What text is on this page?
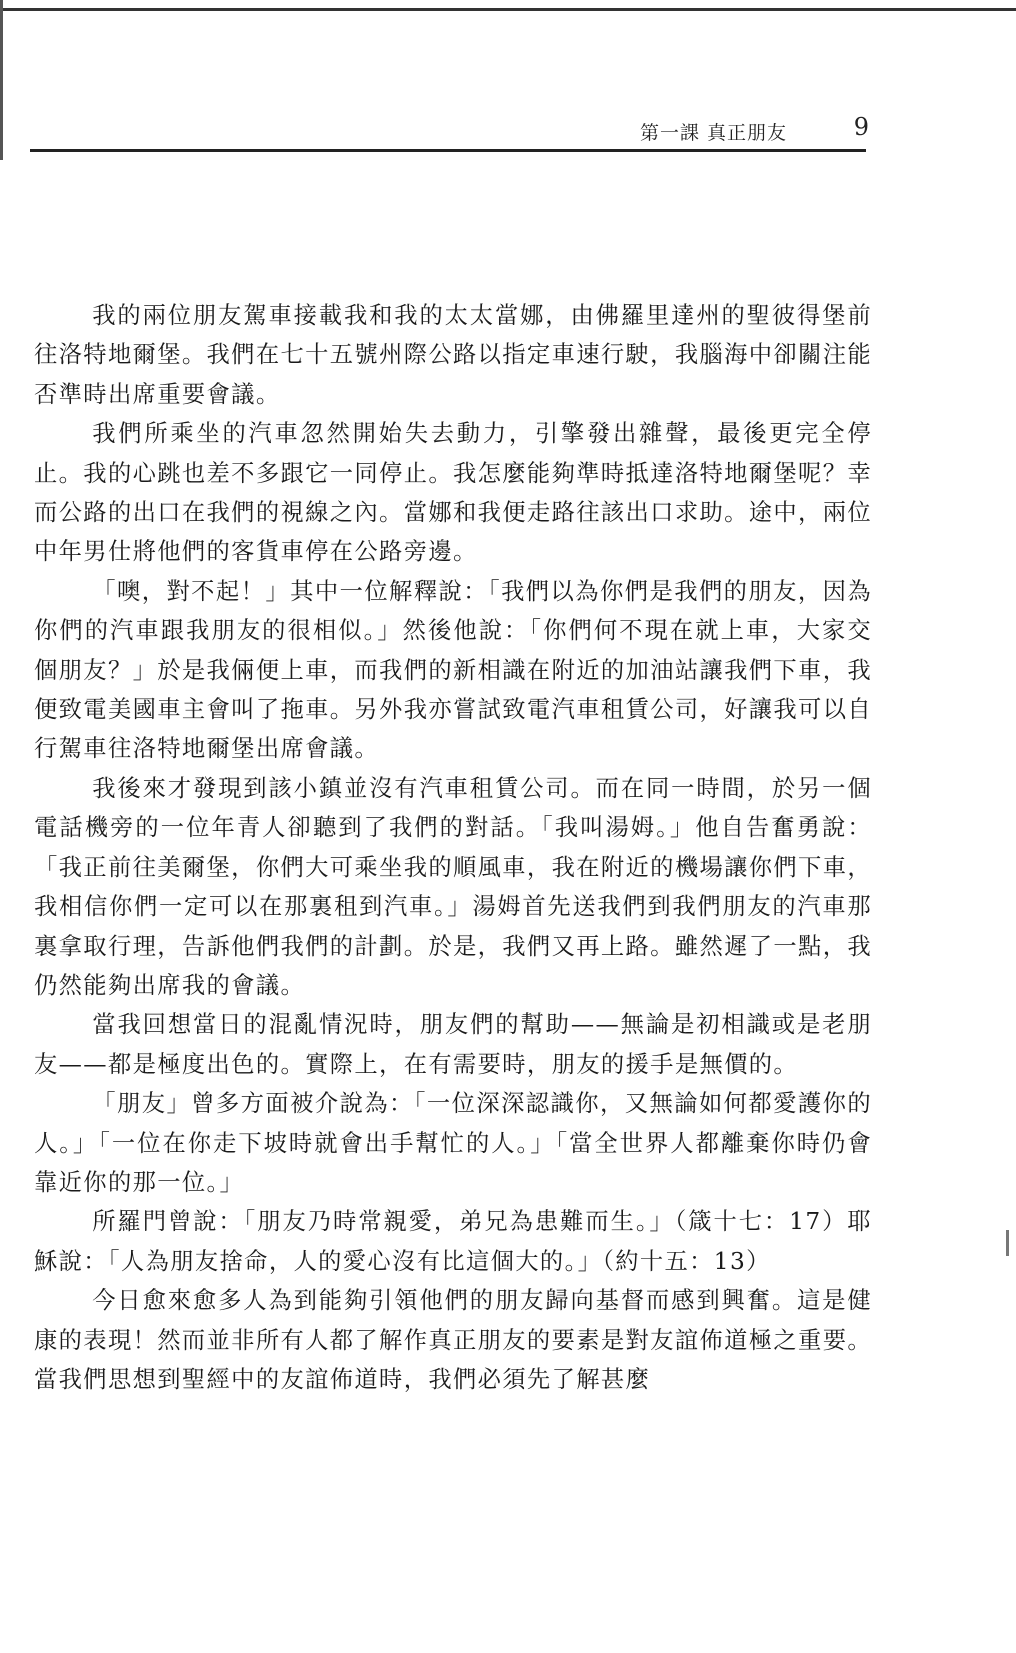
第一課 真正朋友	9

我的兩位朋友駕車接載我和我的太太當娜，由佛羅里達州的聖彼得堡前往洛特地爾堡。我們在七十五號州際公路以指定車速行駛，我腦海中卻關注能否準時出席重要會議。

我們所乘坐的汽車忽然開始失去動力，引擎發出雜聲，最後更完全停止。我的心跳也差不多跟它一同停止。我怎麼能夠準時抵達洛特地爾堡呢？幸而公路的出口在我們的視線之內。當娜和我便走路往該出口求助。途中，兩位中年男仕將他們的客貨車停在公路旁邊。

「噢，對不起！」其中一位解釋說：「我們以為你們是我們的朋友，因為你們的汽車跟我朋友的很相似。」然後他說：「你們何不現在就上車，大家交個朋友？」於是我倆便上車，而我們的新相識在附近的加油站讓我們下車，我便致電美國車主會叫了拖車。另外我亦嘗試致電汽車租賃公司，好讓我可以自行駕車往洛特地爾堡出席會議。

我後來才發現到該小鎮並沒有汽車租賃公司。而在同一時間，於另一個電話機旁的一位年青人卻聽到了我們的對話。「我叫湯姆。」他自告奮勇說：「我正前往美爾堡，你們大可乘坐我的順風車，我在附近的機場讓你們下車，我相信你們一定可以在那裏租到汽車。」湯姆首先送我們到我們朋友的汽車那裏拿取行理，告訴他們我們的計劃。於是，我們又再上路。雖然遲了一點，我仍然能夠出席我的會議。

當我回想當日的混亂情況時，朋友們的幫助——無論是初相識或是老朋友——都是極度出色的。實際上，在有需要時，朋友的援手是無價的。

「朋友」曾多方面被介說為：「一位深深認識你，又無論如何都愛護你的人。」「一位在你走下坡時就會出手幫忙的人。」「當全世界人都離棄你時仍會靠近你的那一位。」

所羅門曾說：「朋友乃時常親愛，弟兄為患難而生。」（箴十七：17）耶穌說：「人為朋友捨命，人的愛心沒有比這個大的。」（約十五：13）

今日愈來愈多人為到能夠引領他們的朋友歸向基督而感到興奮。這是健康的表現！然而並非所有人都了解作真正朋友的要素是對友誼佈道極之重要。當我們思想到聖經中的友誼佈道時，我們必須先了解甚麼
